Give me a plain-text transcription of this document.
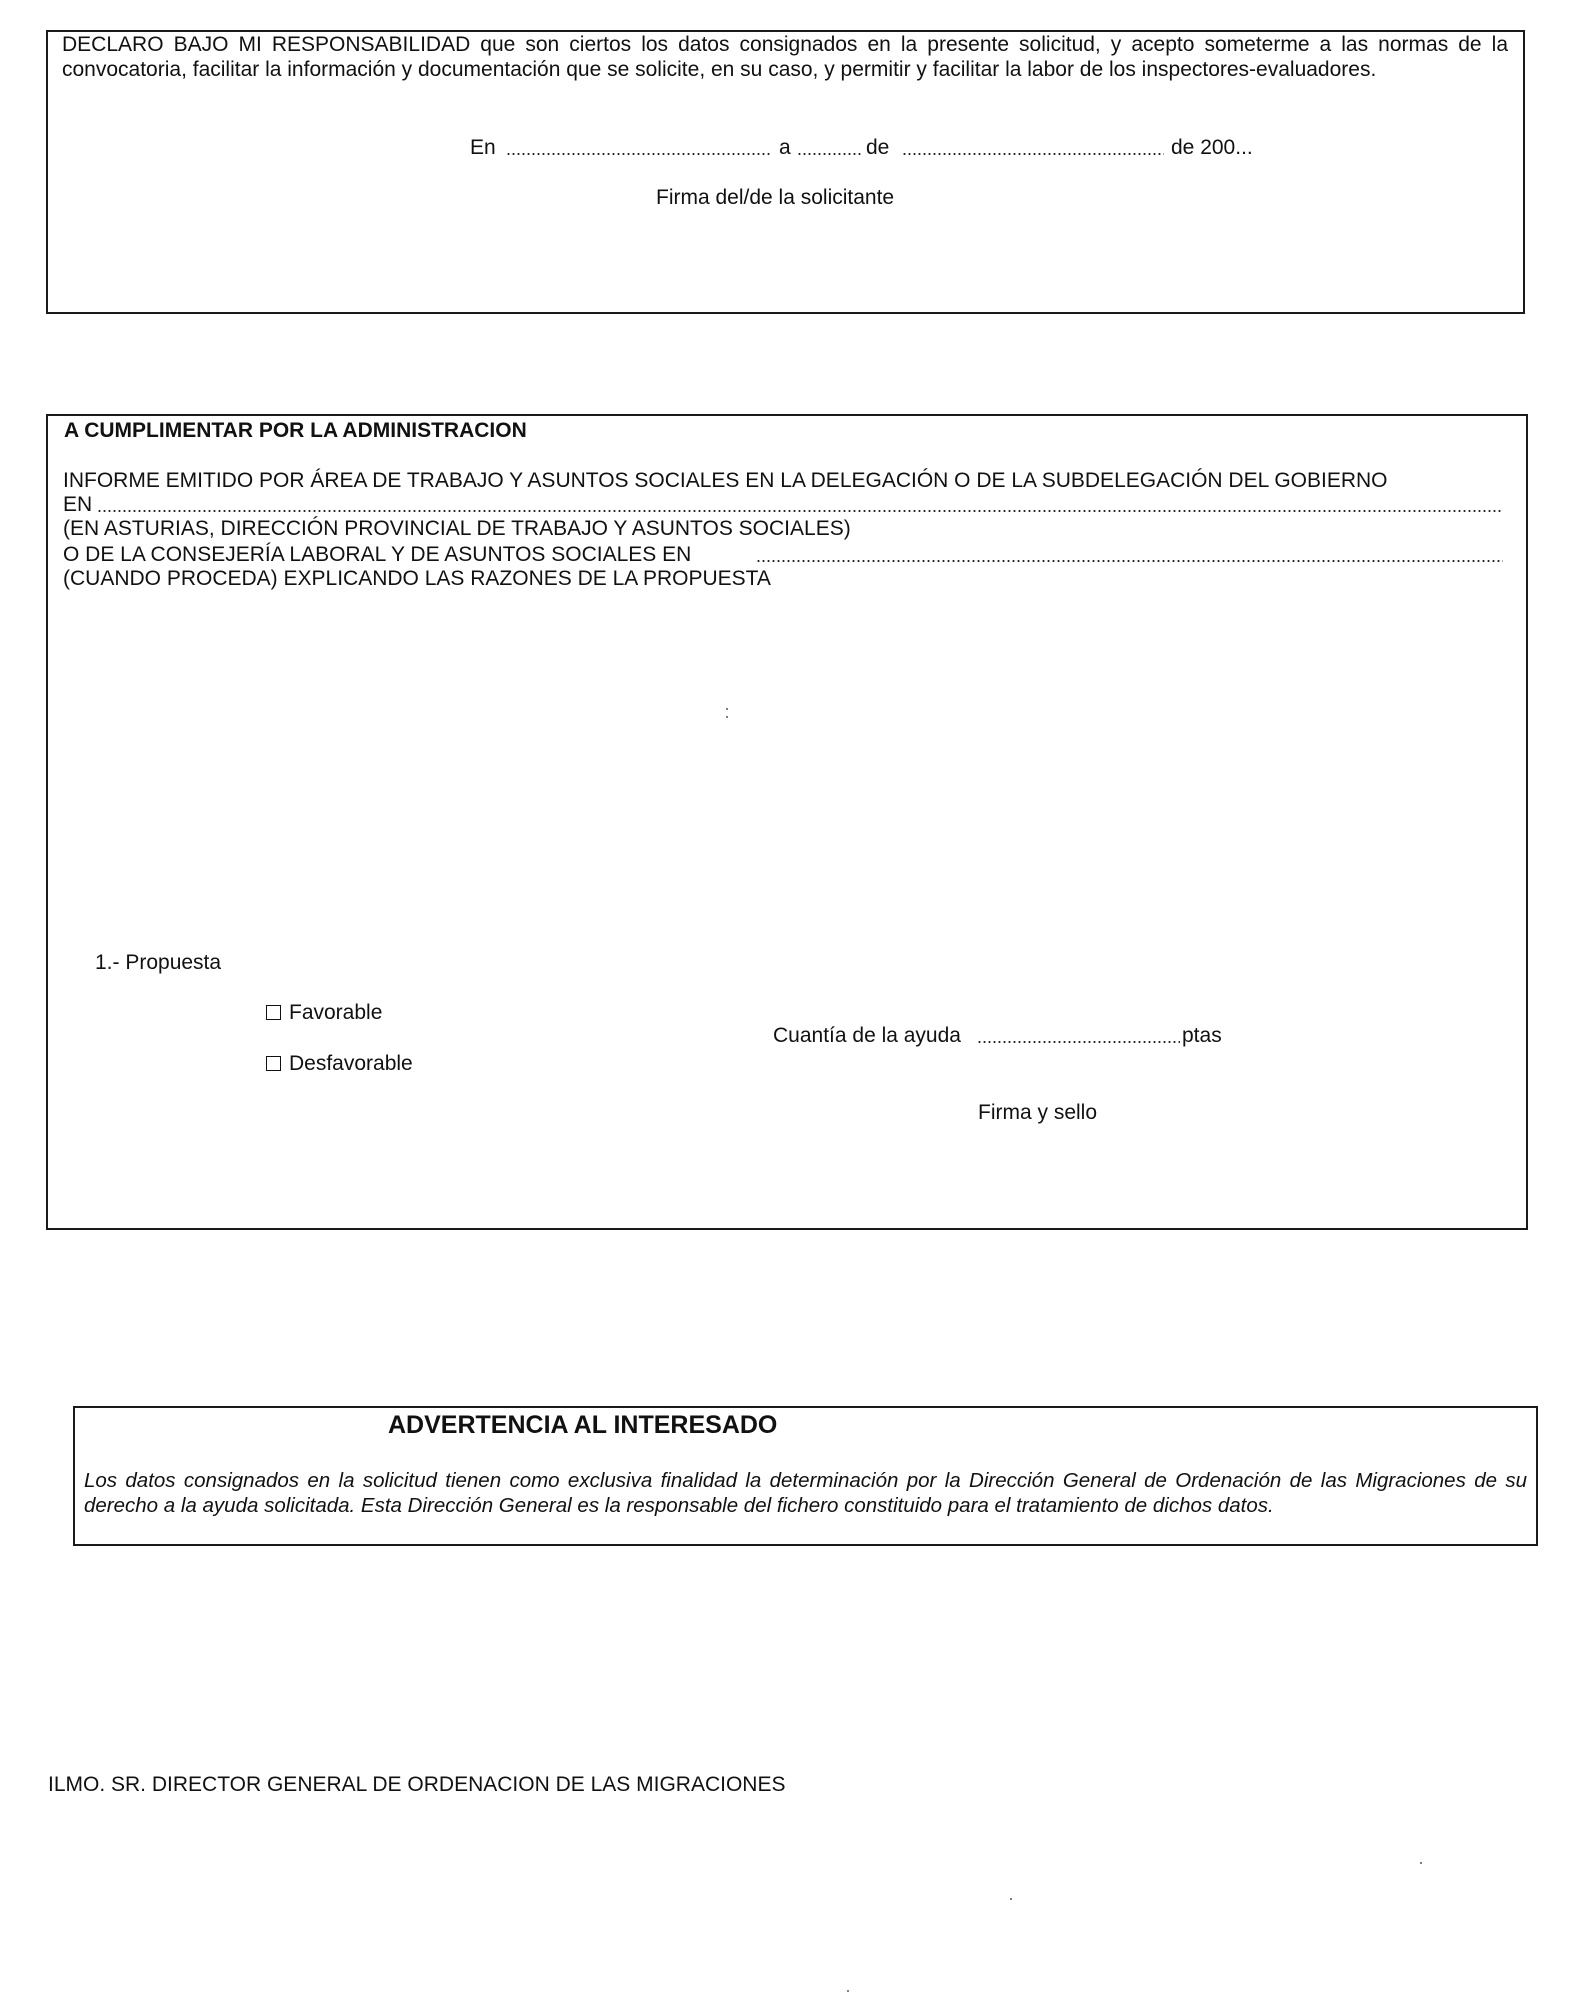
DECLARO BAJO MI RESPONSABILIDAD que son ciertos los datos consignados en la presente solicitud, y acepto someterme a las normas de la convocatoria, facilitar la información y documentación que se solicite, en su caso, y permitir y facilitar la labor de los inspectores-evaluadores.
En	a	de	de 200...
Firma del/de la solicitante
A CUMPLIMENTAR POR LA ADMINISTRACION
INFORME EMITIDO POR ÁREA DE TRABAJO Y ASUNTOS SOCIALES EN LA DELEGACIÓN O DE LA SUBDELEGACIÓN DEL GOBIERNO
EN
(EN ASTURIAS, DIRECCIÓN PROVINCIAL DE TRABAJO Y ASUNTOS SOCIALES)
O DE LA CONSEJERÍA LABORAL Y DE ASUNTOS SOCIALES EN
(CUANDO PROCEDA) EXPLICANDO LAS RAZONES DE LA PROPUESTA
1.- Propuesta
Favorable
Desfavorable
Cuantía de la ayuda	ptas
Firma y sello
ADVERTENCIA AL INTERESADO
Los datos consignados en la solicitud tienen como exclusiva finalidad la determinación por la Dirección General de Ordenación de las Migraciones de su derecho a la ayuda solicitada. Esta Dirección General es la responsable del fichero constituido para el tratamiento de dichos datos.
ILMO. SR. DIRECTOR GENERAL DE ORDENACION DE LAS MIGRACIONES
